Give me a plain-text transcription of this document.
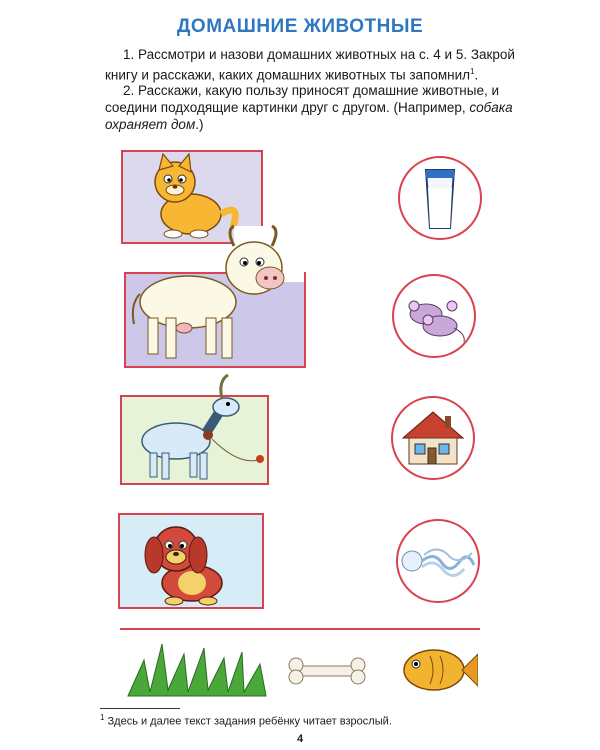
ДОМАШНИЕ ЖИВОТНЫЕ

1. Рассмотри и назови домашних животных на с. 4 и 5. Закрой книгу и расскажи, каких домашних животных ты запомнил$^1$.

2. Расскажи, какую пользу приносят домашние животные, и соедини подходящие картинки друг с другом. (Например, собака охраняет дом.)

$^1$ Здесь и далее текст задания ребёнку читает взрослый.
4
